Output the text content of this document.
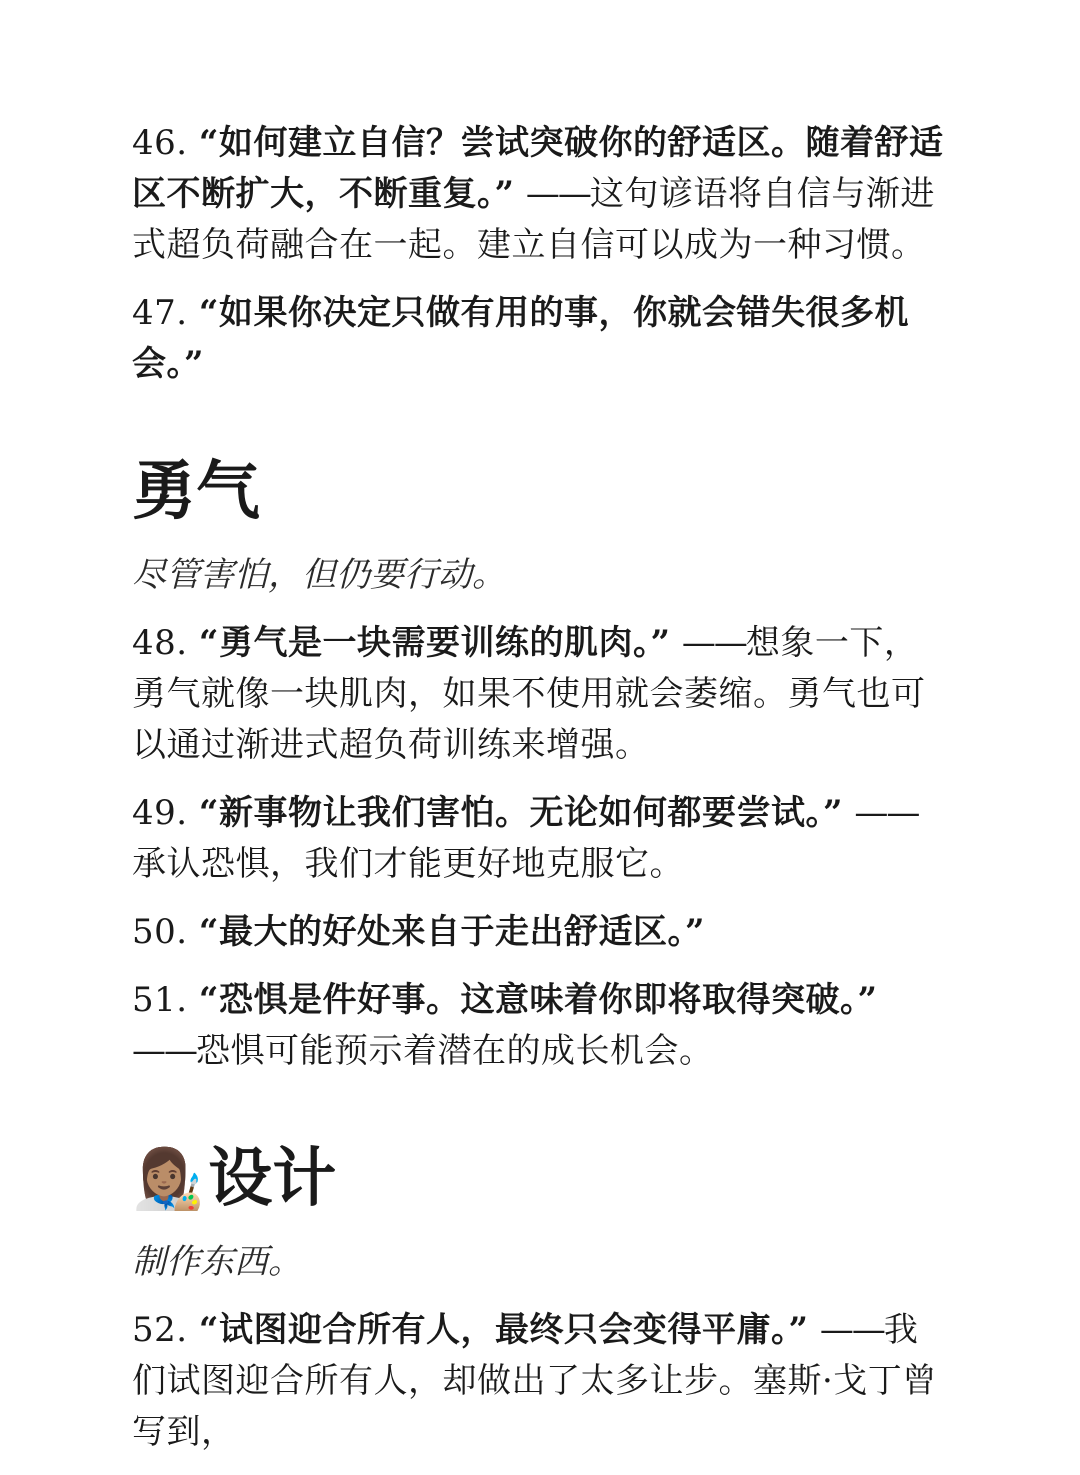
46. “如何建立自信？尝试突破你的舒适区。随着舒适区不断扩大，不断重复。” ——这句谚语将自信与渐进式超负荷融合在一起。建立自信可以成为一种习惯。

47. “如果你决定只做有用的事，你就会错失很多机会。”

勇气

尽管害怕，但仍要行动。

48. “勇气是一块需要训练的肌肉。” ——想象一下，勇气就像一块肌肉，如果不使用就会萎缩。勇气也可以通过渐进式超负荷训练来增强。

49. “新事物让我们害怕。无论如何都要尝试。” ——承认恐惧，我们才能更好地克服它。

50. “最大的好处来自于走出舒适区。”

51. “恐惧是件好事。这意味着你即将取得突破。” ——恐惧可能预示着潜在的成长机会。

👩🏽‍🎨 设计

制作东西。

52. “试图迎合所有人，最终只会变得平庸。” ——我们试图迎合所有人，却做出了太多让步。塞斯·戈丁曾写到，
